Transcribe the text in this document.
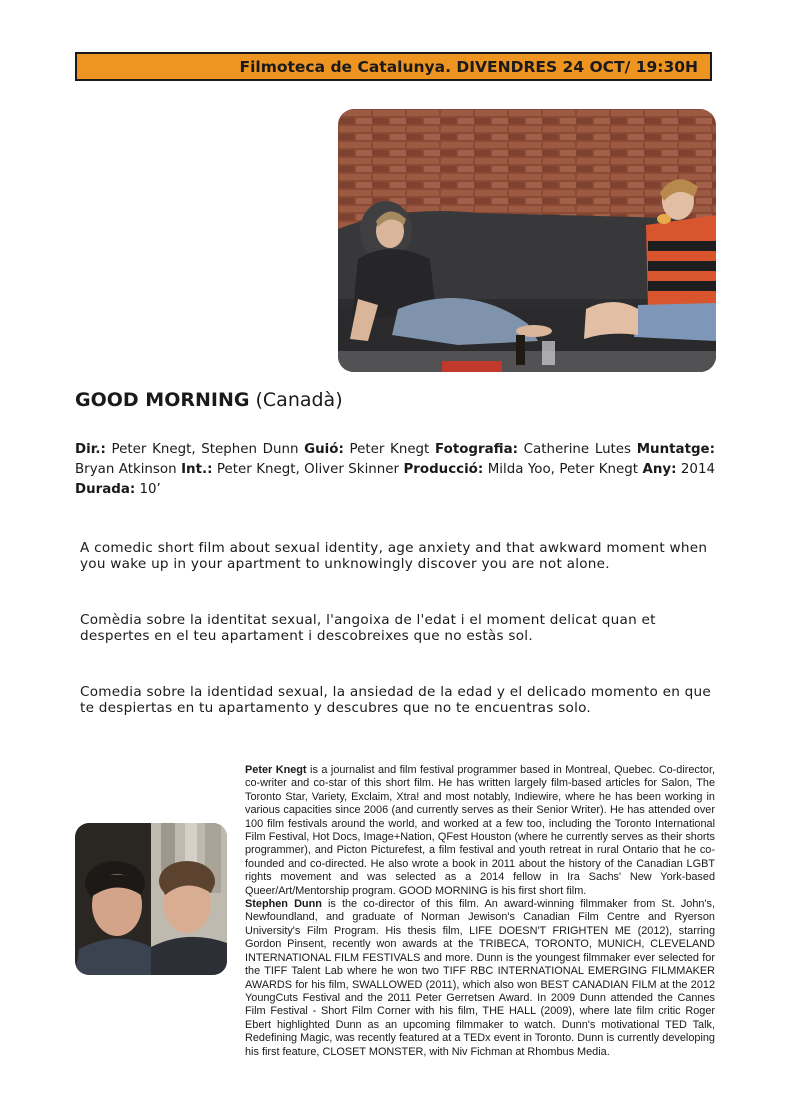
Filmoteca de Catalunya. DIVENDRES 24 OCT/ 19:30H
GOOD MORNING (Canadà)
Dir.: Peter Knegt, Stephen Dunn Guió: Peter Knegt Fotografia: Catherine Lutes Muntatge: Bryan Atkinson Int.: Peter Knegt, Oliver Skinner Producció: Milda Yoo, Peter Knegt Any: 2014 Durada: 10’
A comedic short film about sexual identity, age anxiety and that awkward moment when you wake up in your apartment to unknowingly discover you are not alone.
Comèdia sobre la identitat sexual, l'angoixa de l'edat i el moment delicat quan et despertes en el teu apartament i descobreixes que no estàs sol.
Comedia sobre la identidad sexual, la ansiedad de la edad y el delicado momento en que te despiertas en tu apartamento y descubres que no te encuentras solo.
Peter Knegt is a journalist and film festival programmer based in Montreal, Quebec. Co-director, co-writer and co-star of this short film. He has written largely film-based articles for Salon, The Toronto Star, Variety, Exclaim, Xtra! and most notably, Indiewire, where he has been working in various capacities since 2006 (and currently serves as their Senior Writer). He has attended over 100 film festivals around the world, and worked at a few too, including the Toronto International Film Festival, Hot Docs, Image+Nation, QFest Houston (where he currently serves as their shorts programmer), and Picton Picturefest, a film festival and youth retreat in rural Ontario that he co-founded and co-directed. He also wrote a book in 2011 about the history of the Canadian LGBT rights movement and was selected as a 2014 fellow in Ira Sachs' New York-based Queer/Art/Mentorship program. GOOD MORNING is his first short film.
Stephen Dunn is the co-director of this film. An award-winning filmmaker from St. John's, Newfoundland, and graduate of Norman Jewison's Canadian Film Centre and Ryerson University's Film Program. His thesis film, LIFE DOESN'T FRIGHTEN ME (2012), starring Gordon Pinsent, recently won awards at the TRIBECA, TORONTO, MUNICH, CLEVELAND INTERNATIONAL FILM FESTIVALS and more. Dunn is the youngest filmmaker ever selected for the TIFF Talent Lab where he won two TIFF RBC INTERNATIONAL EMERGING FILMMAKER AWARDS for his film, SWALLOWED (2011), which also won BEST CANADIAN FILM at the 2012 YoungCuts Festival and the 2011 Peter Gerretsen Award. In 2009 Dunn attended the Cannes Film Festival - Short Film Corner with his film, THE HALL (2009), where late film critic Roger Ebert highlighted Dunn as an upcoming filmmaker to watch. Dunn's motivational TED Talk, Redefining Magic, was recently featured at a TEDx event in Toronto. Dunn is currently developing his first feature, CLOSET MONSTER, with Niv Fichman at Rhombus Media.
